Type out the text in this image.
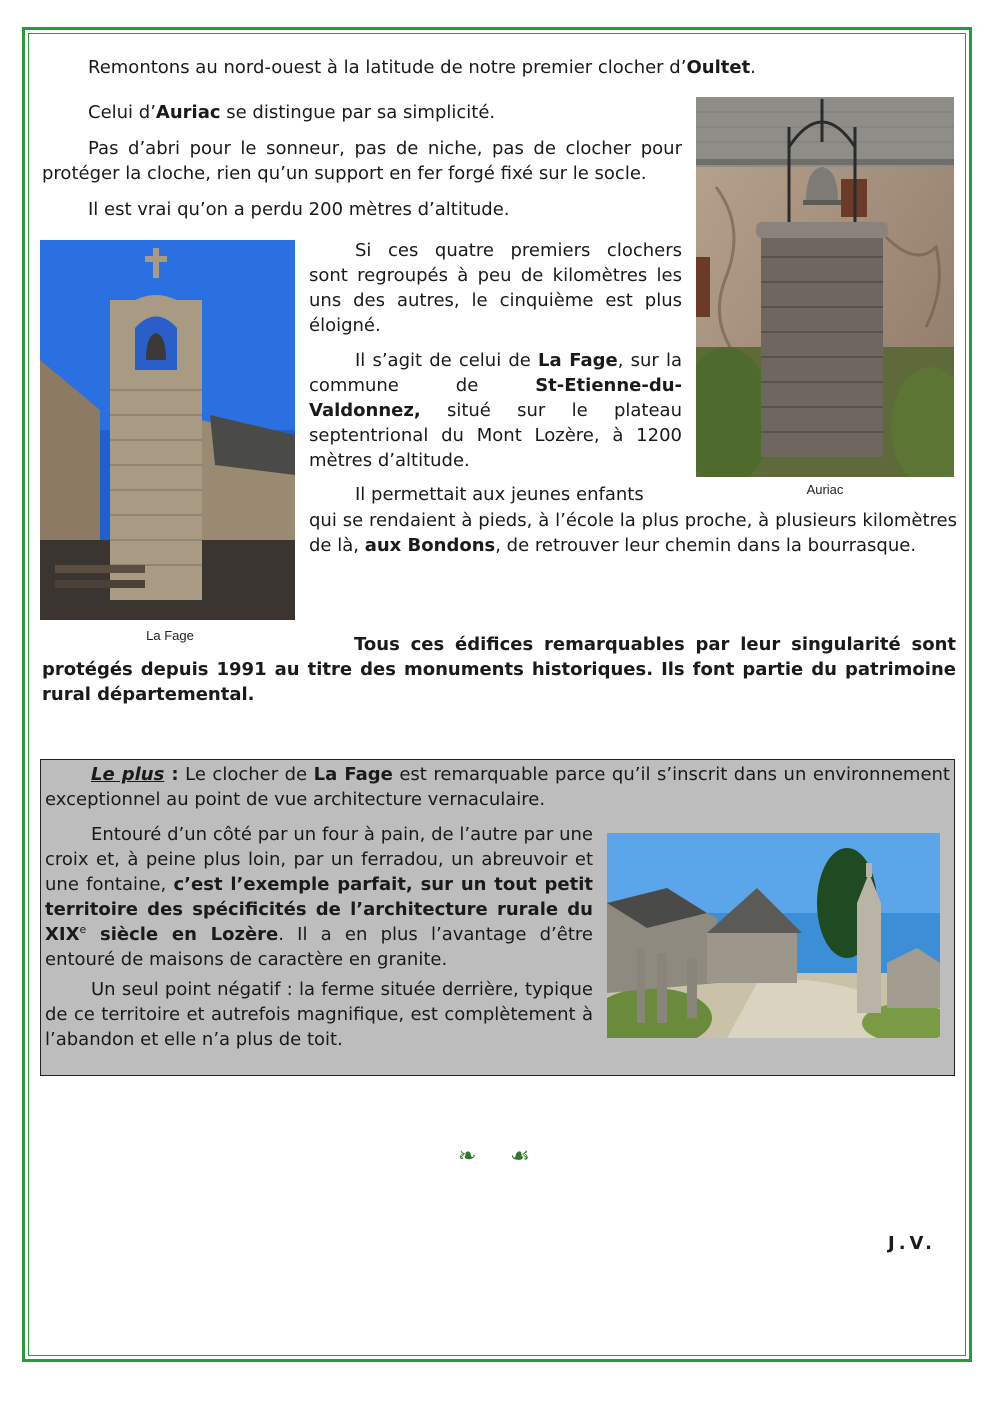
Remontons au nord-ouest à la latitude de notre premier clocher d’Oultet.
Celui d’Auriac se distingue par sa simplicité.
Pas d’abri pour le sonneur, pas de niche, pas de clocher pour protéger la cloche, rien qu’un support en fer forgé fixé sur le socle.
Il est vrai qu’on a perdu 200 mètres d’altitude.
Auriac
La Fage
Si ces quatre premiers clochers sont regroupés à peu de kilomètres les uns des autres, le cinquième est plus éloigné.
Il s’agit de celui de La Fage, sur la commune de St-Etienne-du-Valdonnez, situé sur le plateau septentrional du Mont Lozère, à 1200 mètres d’altitude.
Il permettait aux jeunes enfants
qui se rendaient à pieds, à l’école la plus proche, à plusieurs kilomètres de là, aux Bondons, de retrouver leur chemin dans la bourrasque.
Tous ces édifices remarquables par leur singularité sont protégés depuis 1991 au titre des monuments historiques. Ils font partie du patrimoine rural départemental.
Le plus : Le clocher de La Fage est remarquable parce qu’il s’inscrit dans un environnement exceptionnel au point de vue architecture vernaculaire.
Entouré d’un côté par un four à pain, de l’autre par une croix et, à peine plus loin, par un ferradou, un abreuvoir et une fontaine, c’est l’exemple parfait, sur un tout petit territoire des spécificités de l’architecture rurale du XIXe siècle en Lozère. Il a en plus l’avantage d’être entouré de maisons de caractère en granite.
Un seul point négatif : la ferme située derrière, typique de ce territoire et autrefois magnifique, est complètement à l’abandon et elle n’a plus de toit.
❧ ☙
J.V.
